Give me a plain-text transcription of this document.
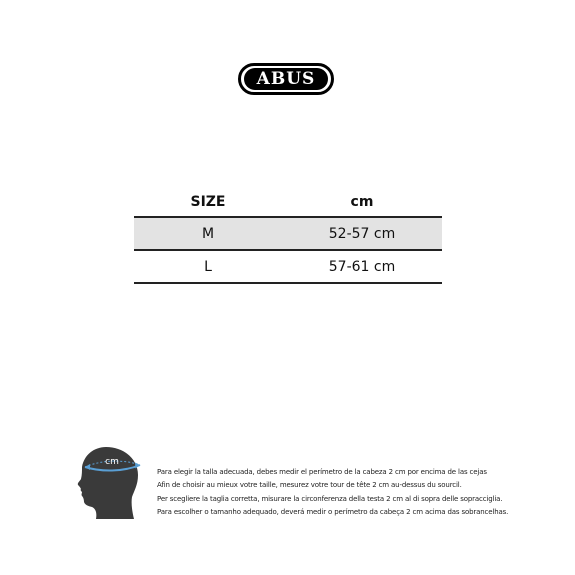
ABUS
SIZE	cm
M	52-57 cm
L	57-61 cm
cm
Para elegir la talla adecuada, debes medir el perímetro de la cabeza 2 cm por encima de las cejas
Afin de choisir au mieux votre taille, mesurez votre tour de tête 2 cm au-dessus du sourcil.
Per scegliere la taglia corretta, misurare la circonferenza della testa 2 cm al di sopra delle sopracciglia.
Para escolher o tamanho adequado, deverá medir o perímetro da cabeça 2 cm acima das sobrancelhas.
